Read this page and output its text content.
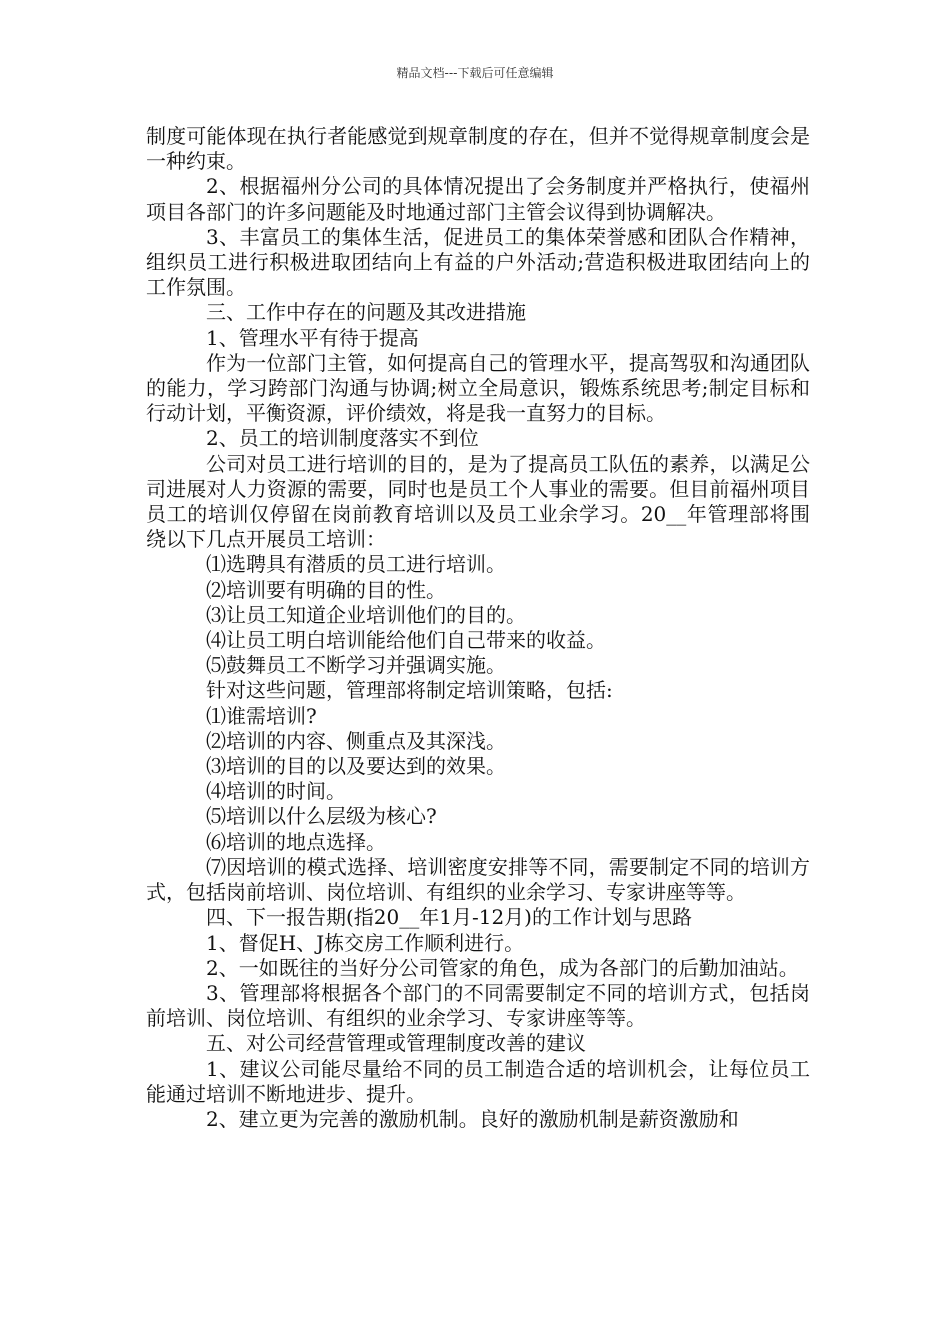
精品文档---下载后可任意编辑

制度可能体现在执行者能感觉到规章制度的存在，但并不觉得规章制度会是一种约束。

2、根据福州分公司的具体情况提出了会务制度并严格执行，使福州项目各部门的许多问题能及时地通过部门主管会议得到协调解决。

3、丰富员工的集体生活，促进员工的集体荣誉感和团队合作精神，组织员工进行积极进取团结向上有益的户外活动;营造积极进取团结向上的工作氛围。

三、工作中存在的问题及其改进措施

1、管理水平有待于提高

作为一位部门主管，如何提高自己的管理水平，提高驾驭和沟通团队的能力，学习跨部门沟通与协调;树立全局意识，锻炼系统思考;制定目标和行动计划，平衡资源，评价绩效，将是我一直努力的目标。

2、员工的培训制度落实不到位

公司对员工进行培训的目的，是为了提高员工队伍的素养，以满足公司进展对人力资源的需要，同时也是员工个人事业的需要。但目前福州项目员工的培训仅停留在岗前教育培训以及员工业余学习。20__年管理部将围绕以下几点开展员工培训：

⑴选聘具有潜质的员工进行培训。

⑵培训要有明确的目的性。

⑶让员工知道企业培训他们的目的。

⑷让员工明白培训能给他们自己带来的收益。

⑸鼓舞员工不断学习并强调实施。

针对这些问题，管理部将制定培训策略，包括:

⑴谁需培训?

⑵培训的内容、侧重点及其深浅。

⑶培训的目的以及要达到的效果。

⑷培训的时间。

⑸培训以什么层级为核心?

⑹培训的地点选择。

⑺因培训的模式选择、培训密度安排等不同，需要制定不同的培训方式，包括岗前培训、岗位培训、有组织的业余学习、专家讲座等等。

四、下一报告期(指20__年1月-12月)的工作计划与思路

1、督促H、J栋交房工作顺利进行。

2、一如既往的当好分公司管家的角色，成为各部门的后勤加油站。

3、管理部将根据各个部门的不同需要制定不同的培训方式，包括岗前培训、岗位培训、有组织的业余学习、专家讲座等等。

五、对公司经营管理或管理制度改善的建议

1、建议公司能尽量给不同的员工制造合适的培训机会，让每位员工能通过培训不断地进步、提升。

2、建立更为完善的激励机制。良好的激励机制是薪资激励和
